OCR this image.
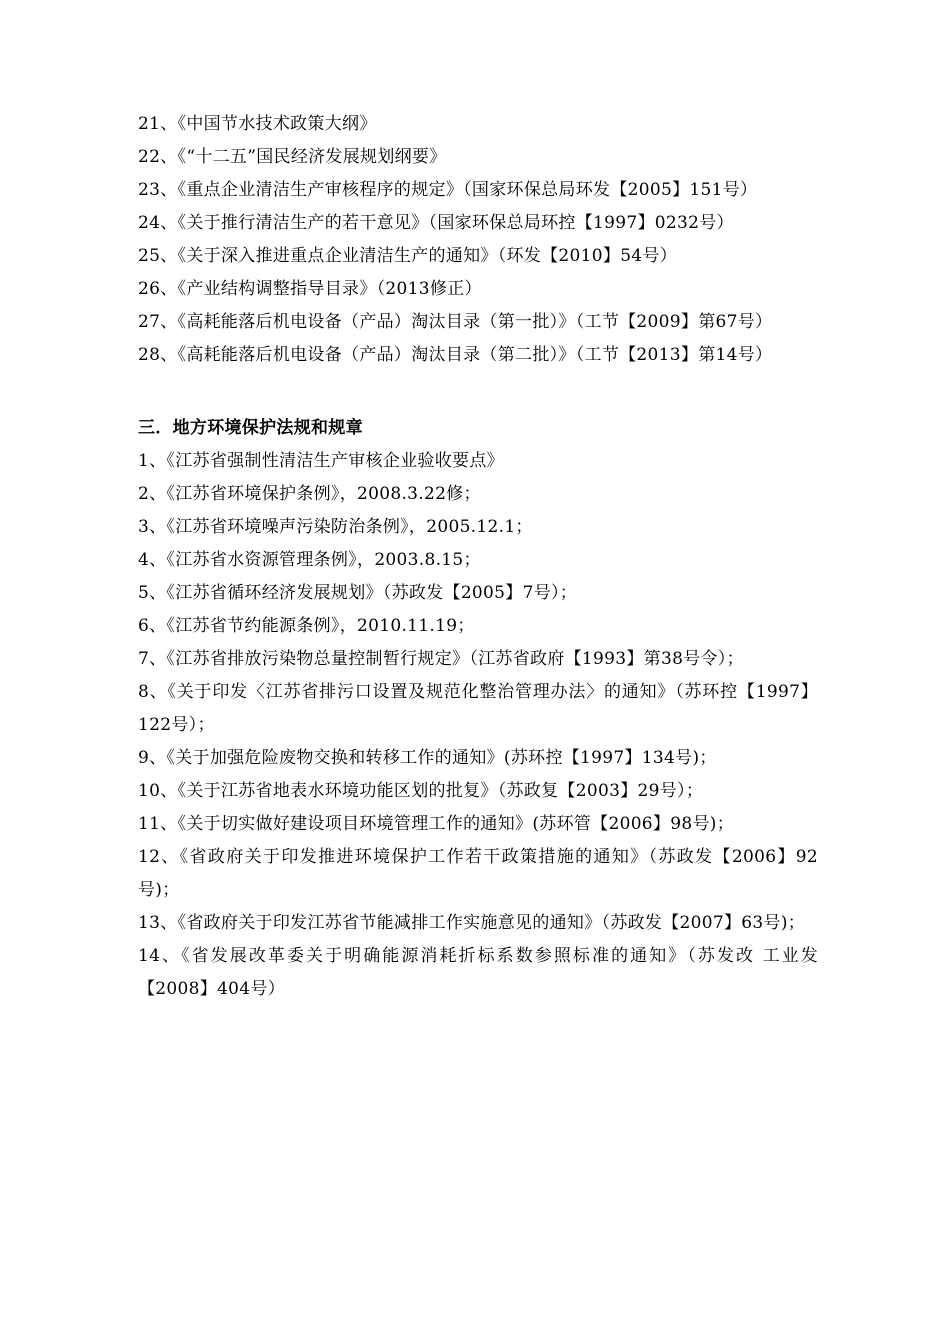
21、《中国节水技术政策大纲》
22、《“十二五”国民经济发展规划纲要》
23、《重点企业清洁生产审核程序的规定》（国家环保总局环发【2005】151号）
24、《关于推行清洁生产的若干意见》（国家环保总局环控【1997】0232号）
25、《关于深入推进重点企业清洁生产的通知》（环发【2010】54号）
26、《产业结构调整指导目录》（2013修正）
27、《高耗能落后机电设备（产品）淘汰目录（第一批）》（工节【2009】第67号）
28、《高耗能落后机电设备（产品）淘汰目录（第二批）》（工节【2013】第14号）
三．地方环境保护法规和规章
1、《江苏省强制性清洁生产审核企业验收要点》
2、《江苏省环境保护条例》，2008.3.22修；
3、《江苏省环境噪声污染防治条例》，2005.12.1；
4、《江苏省水资源管理条例》，2003.8.15；
5、《江苏省循环经济发展规划》（苏政发【2005】7号）；
6、《江苏省节约能源条例》，2010.11.19；
7、《江苏省排放污染物总量控制暂行规定》（江苏省政府【1993】第38号令）；
8、《关于印发〈江苏省排污口设置及规范化整治管理办法〉的通知》（苏环控【1997】122号）；
9、《关于加强危险废物交换和转移工作的通知》(苏环控【1997】134号)；
10、《关于江苏省地表水环境功能区划的批复》（苏政复【2003】29号）；
11、《关于切实做好建设项目环境管理工作的通知》(苏环管【2006】98号)；
12、《省政府关于印发推进环境保护工作若干政策措施的通知》（苏政发【2006】92号)；
13、《省政府关于印发江苏省节能减排工作实施意见的通知》（苏政发【2007】63号)；
14、《省发展改革委关于明确能源消耗折标系数参照标准的通知》（苏发改 工业发【2008】404号）
